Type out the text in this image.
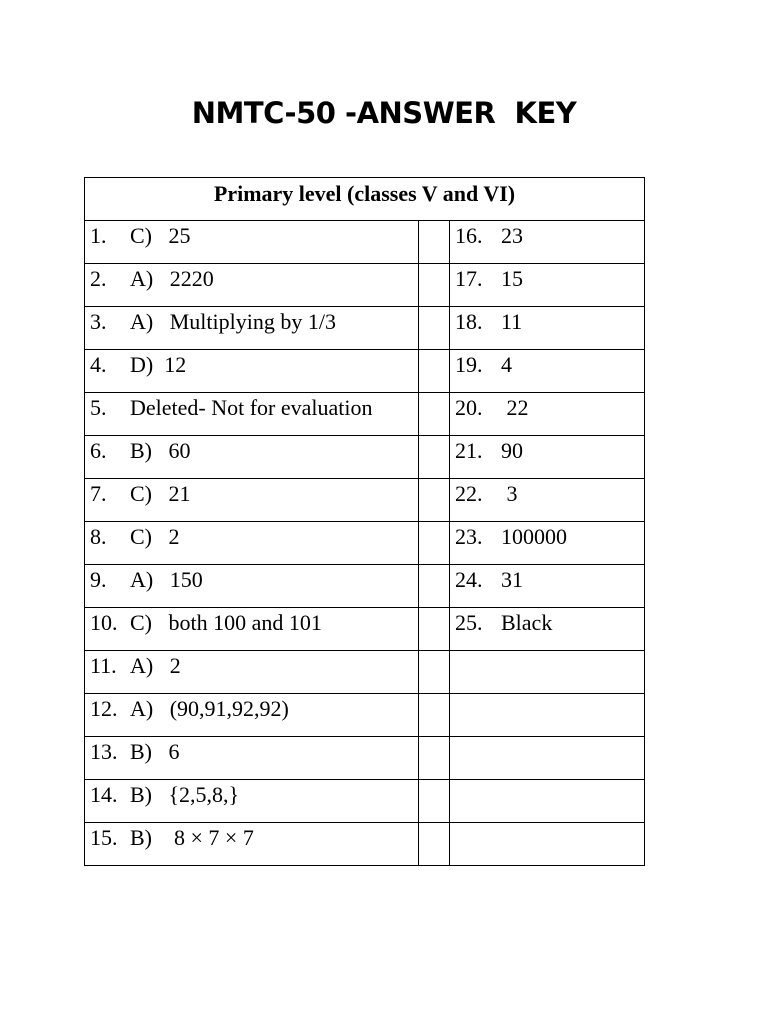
NMTC-50 -ANSWER  KEY
Primary level (classes V and VI)		
1. C)   25		16. 23
2. A)   2220		17. 15
3. A)   Multiplying by 1/3		18. 11
4. D)  12		19. 4
5. Deleted- Not for evaluation		20. 22
6. B)   60		21. 90
7. C)   21		22. 3
8. C)   2		23. 100000
9. A)   150		24. 31
10. C)   both 100 and 101		25. Black
11. A)   2		
12. A)   (90,91,92,92)		
13. B)   6		
14. B)   {2,5,8,}		
15. B)    8 × 7 × 7		
